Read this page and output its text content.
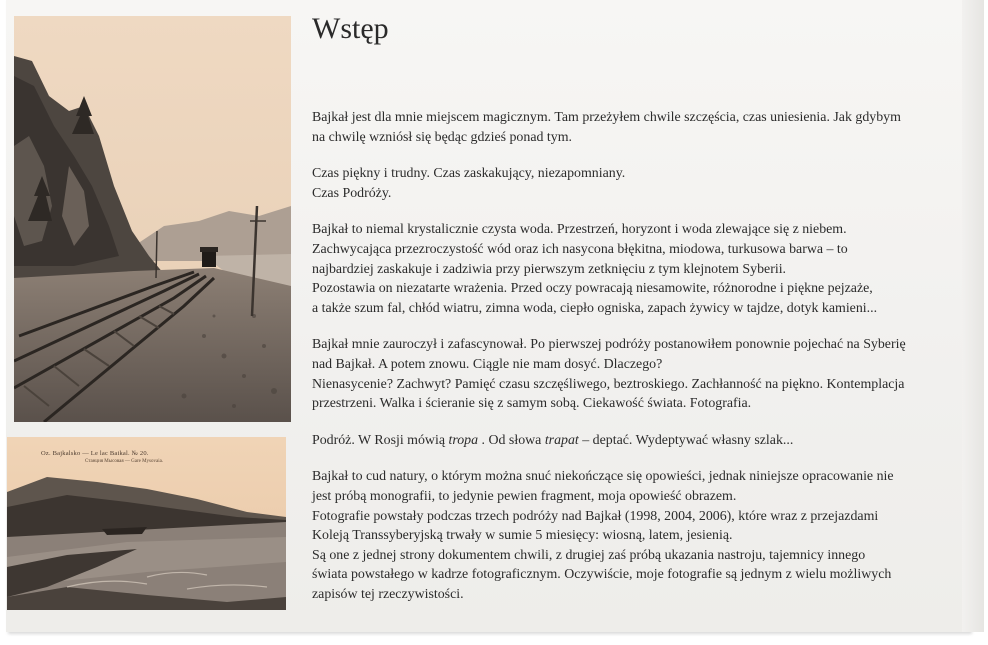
Oz. Bajkalsko — Le lac Baikal. № 20.
Станция Мысовая — Gare Mysovaia.
Wstęp

Bajkał jest dla mnie miejscem magicznym. Tam przeżyłem chwile szczęścia, czas uniesienia. Jak gdybym
na chwilę wzniósł się będąc gdzieś ponad tym.

Czas piękny i trudny. Czas zaskakujący, niezapomniany.
Czas Podróży.

Bajkał to niemal krystalicznie czysta woda. Przestrzeń, horyzont i woda zlewające się z niebem.
Zachwycająca przezroczystość wód oraz ich nasycona błękitna, miodowa, turkusowa barwa – to
najbardziej zaskakuje i zadziwia przy pierwszym zetknięciu z tym klejnotem Syberii.
Pozostawia on niezatarte wrażenia. Przed oczy powracają niesamowite, różnorodne i piękne pejzaże,
a także szum fal, chłód wiatru, zimna woda, ciepło ogniska, zapach żywicy w tajdze, dotyk kamieni...

Bajkał mnie zauroczył i zafascynował. Po pierwszej podróży postanowiłem ponownie pojechać na Syberię
nad Bajkał. A potem znowu. Ciągle nie mam dosyć. Dlaczego?
Nienasycenie? Zachwyt? Pamięć czasu szczęśliwego, beztroskiego. Zachłanność na piękno. Kontemplacja
przestrzeni. Walka i ścieranie się z samym sobą. Ciekawość świata. Fotografia.

Podróż. W Rosji mówią tropa . Od słowa trapat – deptać. Wydeptywać własny szlak...

Bajkał to cud natury, o którym można snuć niekończące się opowieści, jednak niniejsze opracowanie nie
jest próbą monografii, to jedynie pewien fragment, moja opowieść obrazem.
Fotografie powstały podczas trzech podróży nad Bajkał (1998, 2004, 2006), które wraz z przejazdami
Koleją Transsyberyjską trwały w sumie 5 miesięcy: wiosną, latem, jesienią.
Są one z jednej strony dokumentem chwili, z drugiej zaś próbą ukazania nastroju, tajemnicy innego
świata powstałego w kadrze fotograficznym. Oczywiście, moje fotografie są jednym z wielu możliwych
zapisów tej rzeczywistości.
